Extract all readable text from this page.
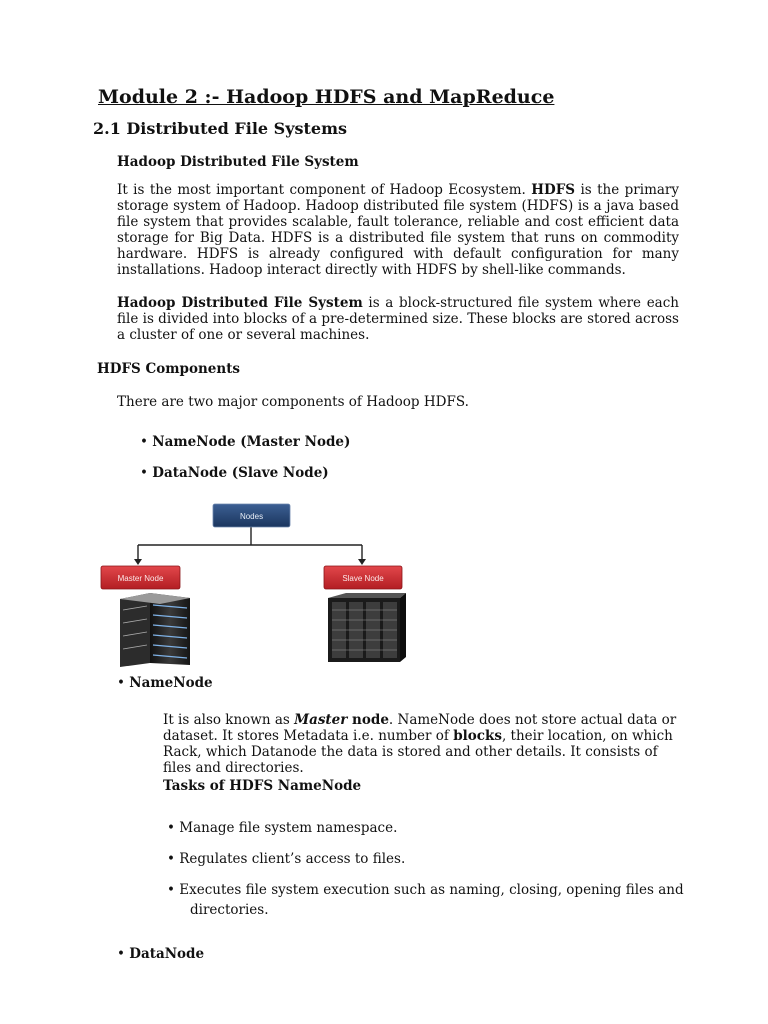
Module 2 :- Hadoop HDFS and MapReduce
2.1 Distributed File Systems
Hadoop Distributed File System
It is the most important component of Hadoop Ecosystem. HDFS is the primary storage system of Hadoop. Hadoop distributed file system (HDFS) is a java based file system that provides scalable, fault tolerance, reliable and cost efficient data storage for Big Data. HDFS is a distributed file system that runs on commodity hardware. HDFS is already configured with default configuration for many installations. Hadoop interact directly with HDFS by shell-like commands.
Hadoop Distributed File System is a block-structured file system where each file is divided into blocks of a pre-determined size. These blocks are stored across a cluster of one or several machines.
HDFS Components
There are two major components of Hadoop HDFS.
• NameNode (Master Node)
• DataNode (Slave Node)
Nodes
Master Node	Slave Node
• NameNode
It is also known as Master node. NameNode does not store actual data or dataset. It stores Metadata i.e. number of blocks, their location, on which Rack, which Datanode the data is stored and other details. It consists of files and directories.
Tasks of HDFS NameNode
• Manage file system namespace.
• Regulates client’s access to files.
• Executes file system execution such as naming, closing, opening files and
directories.
• DataNode
